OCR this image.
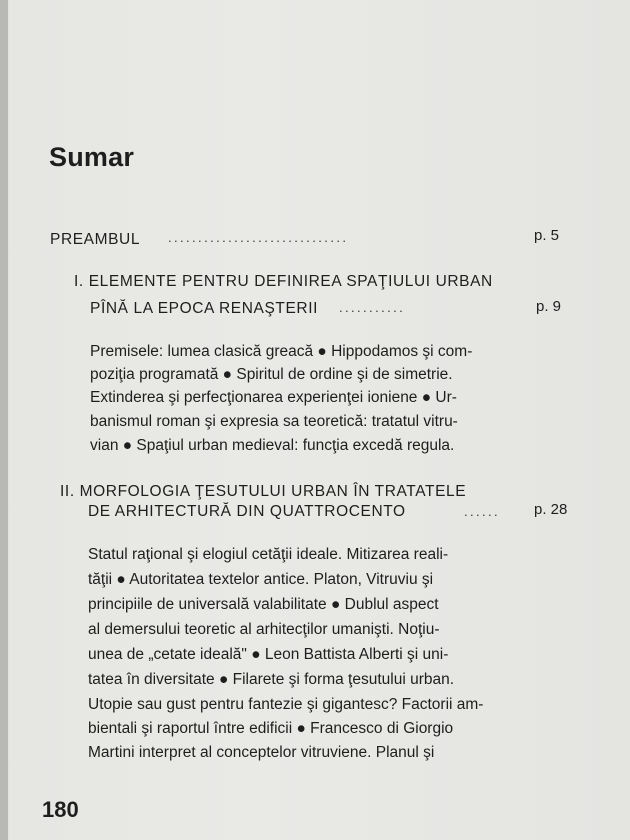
Sumar
PREAMBUL ..............................	p. 5
I. ELEMENTE PENTRU DEFINIREA SPAŢIULUI URBAN
PÎNĂ LA EPOCA RENAŞTERII ...........	p. 9
Premisele: lumea clasică greacă ● Hippodamos şi com-
poziţia programată ● Spiritul de ordine şi de simetrie.
Extinderea şi perfecţionarea experienţei ioniene ● Ur-
banismul roman şi expresia sa teoretică: tratatul vitru-
vian ● Spaţiul urban medieval: funcţia excedă regula.
II. MORFOLOGIA ŢESUTULUI URBAN ÎN TRATATELE
DE ARHITECTURĂ DIN QUATTROCENTO	......	p. 28
Statul raţional şi elogiul cetăţii ideale. Mitizarea reali-
tăţii ● Autoritatea textelor antice. Platon, Vitruviu şi
principiile de universală valabilitate ● Dublul aspect
al demersului teoretic al arhitecţilor umanişti. Noţiu-
unea de „cetate ideală" ● Leon Battista Alberti şi uni-
tatea în diversitate ● Filarete şi forma ţesutului urban.
Utopie sau gust pentru fantezie şi gigantesc? Factorii am-
bientali şi raportul între edificii ● Francesco di Giorgio
Martini interpret al conceptelor vitruviene. Planul şi
180
